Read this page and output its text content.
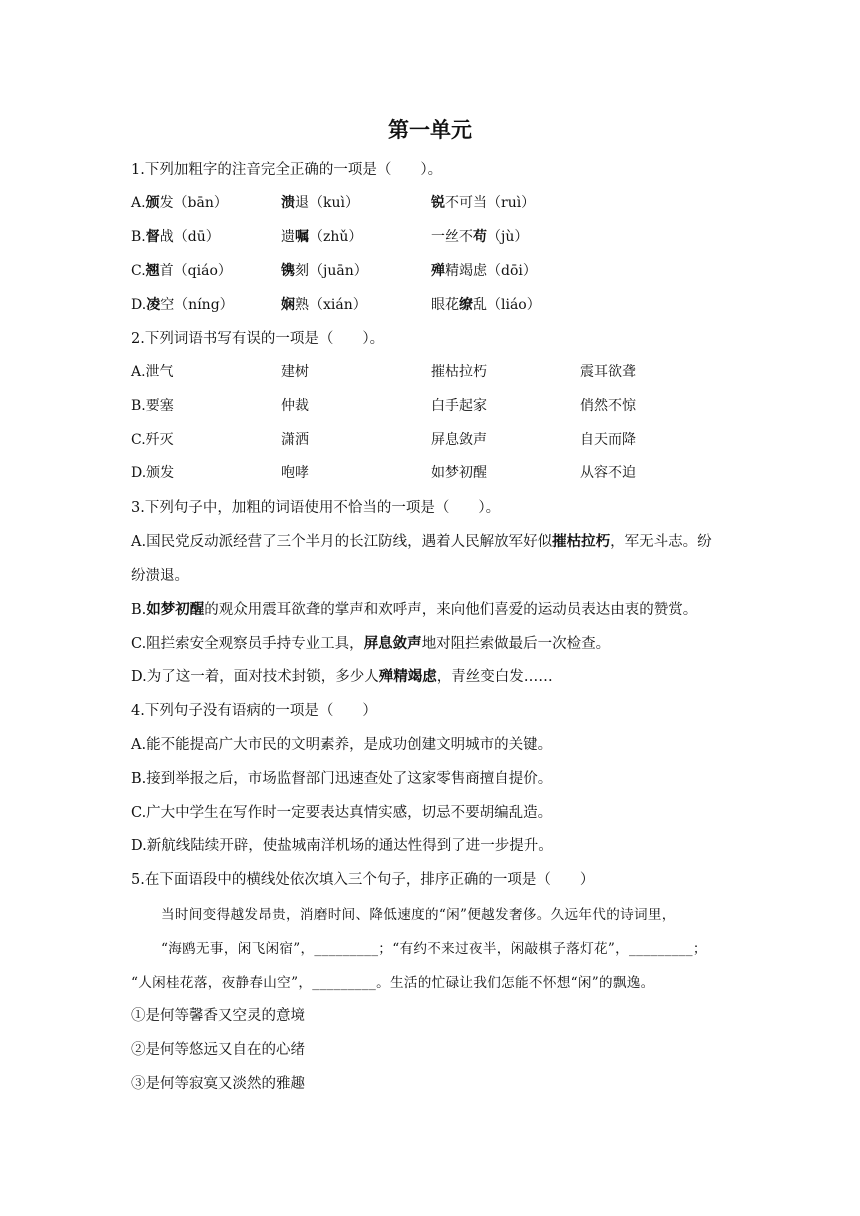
第一单元
1.下列加粗字的注音完全正确的一项是（　　）。
A.颁发（bān）	溃退（kuì）	锐不可当（ruì）
B.督战（dū）	遗嘱（zhǔ）	一丝不苟（jù）
C.翘首（qiáo）	镌刻（juān）	殚精竭虑（dōi）
D.凌空（níng）	娴熟（xián）	眼花缭乱（liáo）
2.下列词语书写有误的一项是（　　）。
A.泄气	建树	摧枯拉朽	震耳欲聋
B.要塞	仲裁	白手起家	俏然不惊
C.歼灭	潇洒	屏息敛声	自天而降
D.颁发	咆哮	如梦初醒	从容不迫
3.下列句子中，加粗的词语使用不恰当的一项是（　　）。
A.国民党反动派经营了三个半月的长江防线，遇着人民解放军好似摧枯拉朽，军无斗志。纷
纷溃退。
B.如梦初醒的观众用震耳欲聋的掌声和欢呼声，来向他们喜爱的运动员表达由衷的赞赏。
C.阻拦索安全观察员手持专业工具，屏息敛声地对阻拦索做最后一次检查。
D.为了这一着，面对技术封锁，多少人殚精竭虑，青丝变白发……
4.下列句子没有语病的一项是（　　）
A.能不能提高广大市民的文明素养，是成功创建文明城市的关键。
B.接到举报之后，市场监督部门迅速查处了这家零售商擅自提价。
C.广大中学生在写作时一定要表达真情实感，切忌不要胡编乱造。
D.新航线陆续开辟，使盐城南洋机场的通达性得到了进一步提升。
5.在下面语段中的横线处依次填入三个句子，排序正确的一项是（　　）
当时间变得越发昂贵，消磨时间、降低速度的“闲”便越发奢侈。久远年代的诗词里，
“海鸥无事，闲飞闲宿”，_________；“有约不来过夜半，闲敲棋子落灯花”，_________；
“人闲桂花落，夜静春山空”，_________。生活的忙碌让我们怎能不怀想“闲”的飘逸。
①是何等馨香又空灵的意境
②是何等悠远又自在的心绪
③是何等寂寞又淡然的雅趣
